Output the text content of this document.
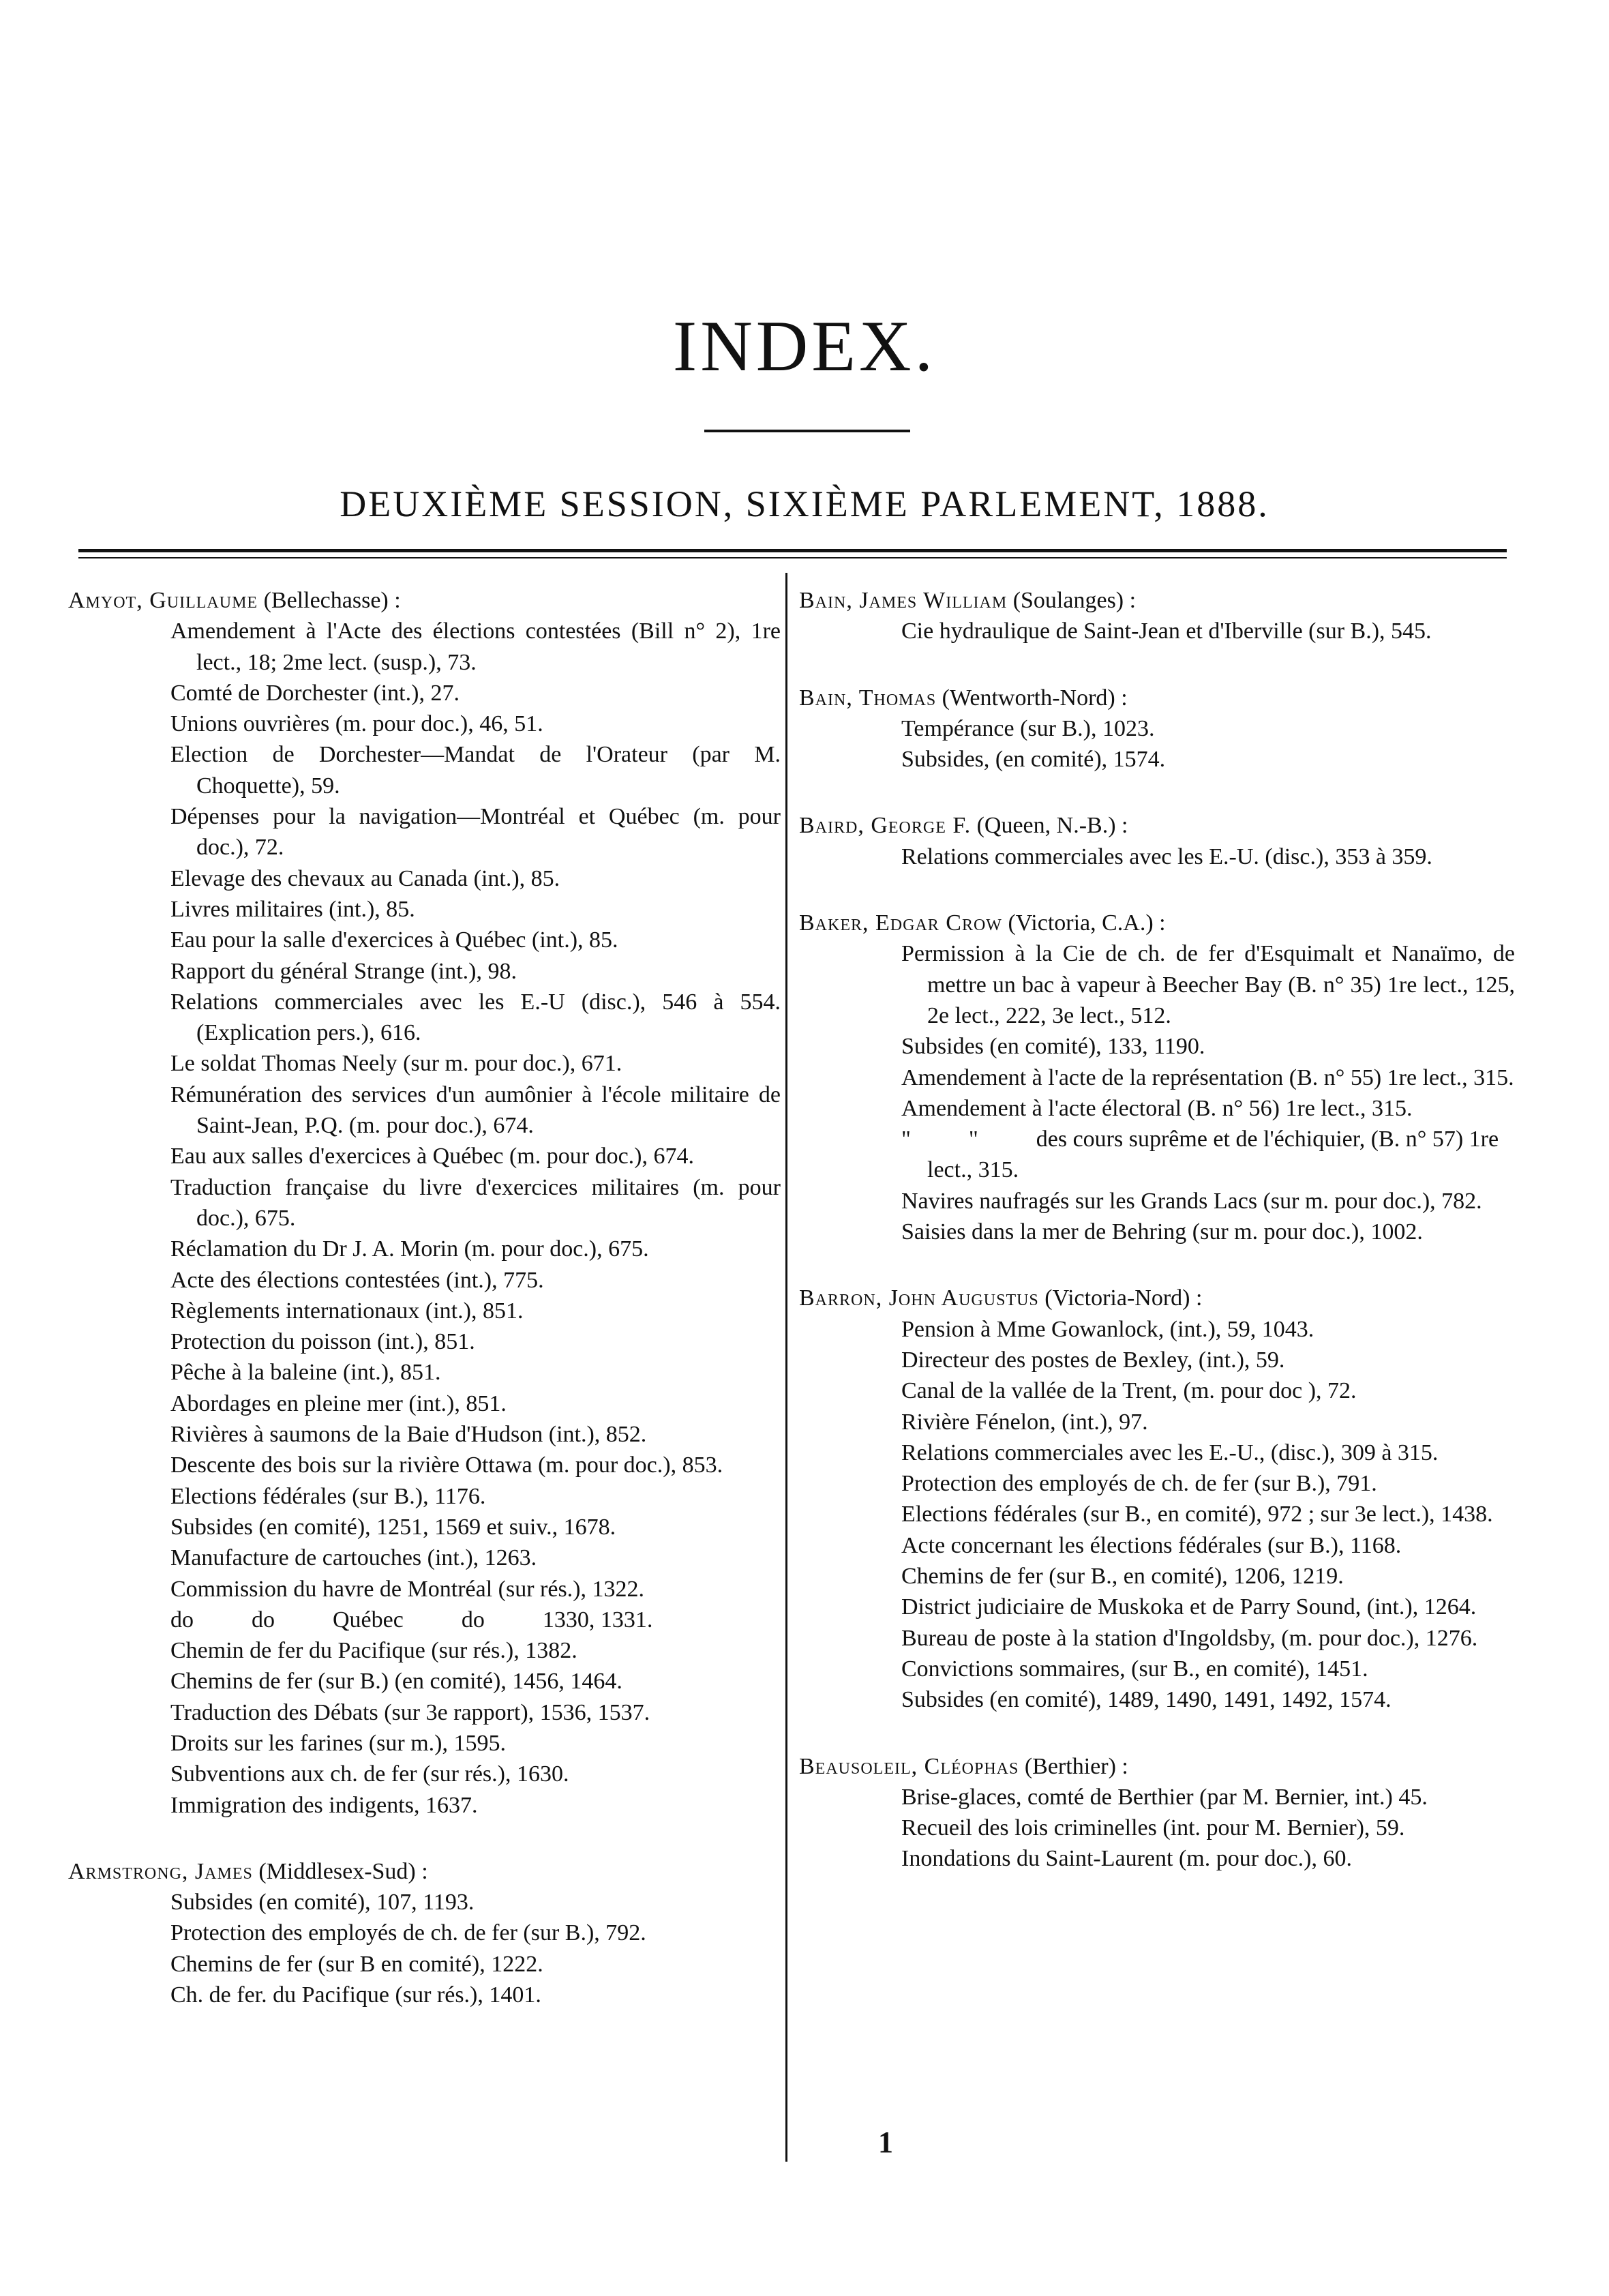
INDEX.
DEUXIÈME SESSION, SIXIÈME PARLEMENT, 1888.
Amyot, Guillaume (Bellechasse) :
Amendement à l'Acte des élections contestées (Bill n° 2), 1re lect., 18; 2me lect. (susp.), 73.
Comté de Dorchester (int.), 27.
Unions ouvrières (m. pour doc.), 46, 51.
Election de Dorchester—Mandat de l'Orateur (par M. Choquette), 59.
Dépenses pour la navigation—Montréal et Québec (m. pour doc.), 72.
Elevage des chevaux au Canada (int.), 85.
Livres militaires (int.), 85.
Eau pour la salle d'exercices à Québec (int.), 85.
Rapport du général Strange (int.), 98.
Relations commerciales avec les E.-U (disc.), 546 à 554. (Explication pers.), 616.
Le soldat Thomas Neely (sur m. pour doc.), 671.
Rémunération des services d'un aumônier à l'école militaire de Saint-Jean, P.Q. (m. pour doc.), 674.
Eau aux salles d'exercices à Québec (m. pour doc.), 674.
Traduction française du livre d'exercices militaires (m. pour doc.), 675.
Réclamation du Dr J. A. Morin (m. pour doc.), 675.
Acte des élections contestées (int.), 775.
Règlements internationaux (int.), 851.
Protection du poisson (int.), 851.
Pêche à la baleine (int.), 851.
Abordages en pleine mer (int.), 851.
Rivières à saumons de la Baie d'Hudson (int.), 852.
Descente des bois sur la rivière Ottawa (m. pour doc.), 853.
Elections fédérales (sur B.), 1176.
Subsides (en comité), 1251, 1569 et suiv., 1678.
Manufacture de cartouches (int.), 1263.
Commission du havre de Montréal (sur rés.), 1322.
do          do          Québec          do          1330, 1331.
Chemin de fer du Pacifique (sur rés.), 1382.
Chemins de fer (sur B.) (en comité), 1456, 1464.
Traduction des Débats (sur 3e rapport), 1536, 1537.
Droits sur les farines (sur m.), 1595.
Subventions aux ch. de fer (sur rés.), 1630.
Immigration des indigents, 1637.
Armstrong, James (Middlesex-Sud) :
Subsides (en comité), 107, 1193.
Protection des employés de ch. de fer (sur B.), 792.
Chemins de fer (sur B en comité), 1222.
Ch. de fer. du Pacifique (sur rés.), 1401.
Bain, James William (Soulanges) :
Cie hydraulique de Saint-Jean et d'Iberville (sur B.), 545.
Bain, Thomas (Wentworth-Nord) :
Tempérance (sur B.), 1023.
Subsides, (en comité), 1574.
Baird, George F. (Queen, N.-B.) :
Relations commerciales avec les E.-U. (disc.), 353 à 359.
Baker, Edgar Crow (Victoria, C.A.) :
Permission à la Cie de ch. de fer d'Esquimalt et Nanaïmo, de mettre un bac à vapeur à Beecher Bay (B. n° 35) 1re lect., 125, 2e lect., 222, 3e lect., 512.
Subsides (en comité), 133, 1190.
Amendement à l'acte de la représentation (B. n° 55) 1re lect., 315.
Amendement à l'acte électoral (B. n° 56) 1re lect., 315.
"          "          des cours suprême et de l'échiquier, (B. n° 57) 1re lect., 315.
Navires naufragés sur les Grands Lacs (sur m. pour doc.), 782.
Saisies dans la mer de Behring (sur m. pour doc.), 1002.
Barron, John Augustus (Victoria-Nord) :
Pension à Mme Gowanlock, (int.), 59, 1043.
Directeur des postes de Bexley, (int.), 59.
Canal de la vallée de la Trent, (m. pour doc ), 72.
Rivière Fénelon, (int.), 97.
Relations commerciales avec les E.-U., (disc.), 309 à 315.
Protection des employés de ch. de fer (sur B.), 791.
Elections fédérales (sur B., en comité), 972 ; sur 3e lect.), 1438.
Acte concernant les élections fédérales (sur B.), 1168.
Chemins de fer (sur B., en comité), 1206, 1219.
District judiciaire de Muskoka et de Parry Sound, (int.), 1264.
Bureau de poste à la station d'Ingoldsby, (m. pour doc.), 1276.
Convictions sommaires, (sur B., en comité), 1451.
Subsides (en comité), 1489, 1490, 1491, 1492, 1574.
Beausoleil, Cléophas (Berthier) :
Brise-glaces, comté de Berthier (par M. Bernier, int.) 45.
Recueil des lois criminelles (int. pour M. Bernier), 59.
Inondations du Saint-Laurent (m. pour doc.), 60.
1
